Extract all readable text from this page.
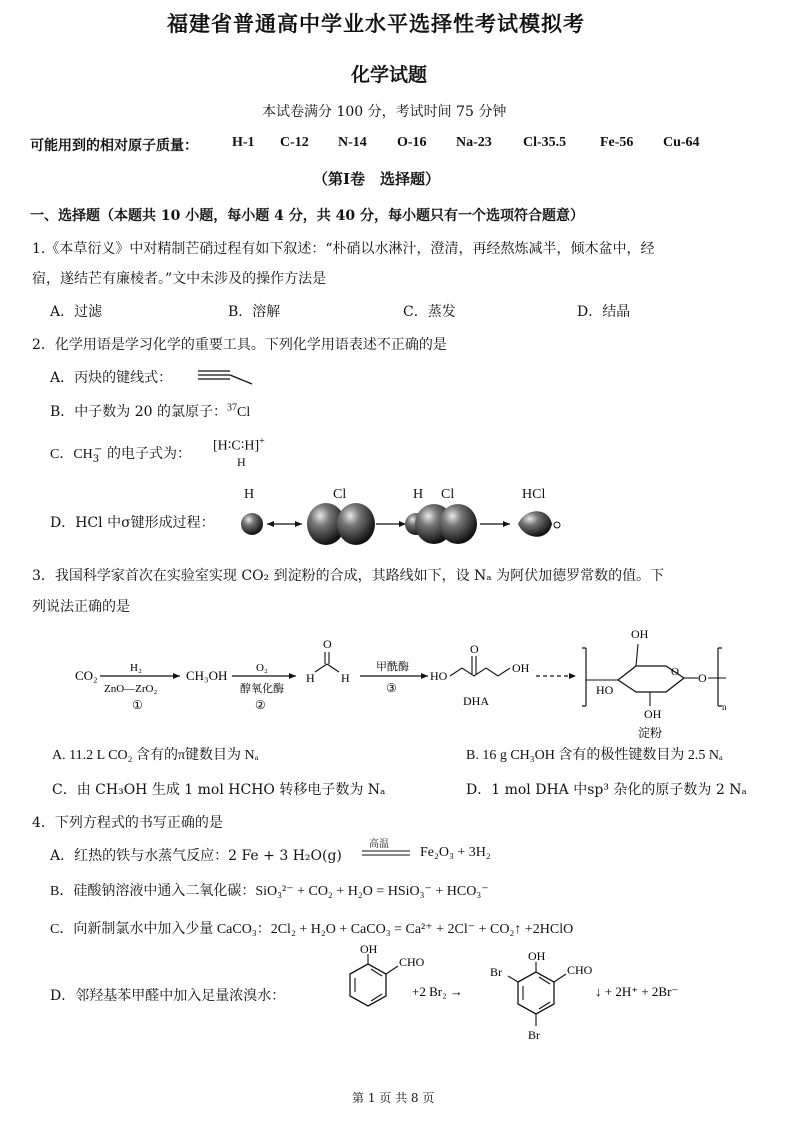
福建省普通高中学业水平选择性考试模拟考
化学试题
本试卷满分 100 分，考试时间 75 分钟
可能用到的相对原子质量： H-1 C-12 N-14 O-16 Na-23 Cl-35.5 Fe-56 Cu-64
（第Ⅰ卷　选择题）
一、选择题（本题共 10 小题，每小题 4 分，共 40 分，每小题只有一个选项符合题意）
1.《本草衍义》中对精制芒硝过程有如下叙述：“朴硝以水淋汁，澄清，再经熬炼减半，倾木盆中，经
宿，遂结芒有廉棱者。”文中未涉及的操作方法是
A．过滤	B．溶解	C．蒸发	D．结晶
2．化学用语是学习化学的重要工具。下列化学用语表述不正确的是
A．丙炔的键线式：
B．中子数为 20 的氯原子：$^{37}$Cl
C．$CH_3^-$ 的电子式为： [H∶C∶H]+
H
D．HCl 中σ键形成过程：
H	Cl	H Cl	HCl
3．我国科学家首次在实验室实现 CO₂ 到淀粉的合成，其路线如下，设 Nₐ 为阿伏加德罗常数的值。下
列说法正确的是
CO₂	H₂
ZnO—ZrO₂
①
CH₃OH	O₂
醇氧化酶
②
O
H H
甲酰酶
③
HO
O
OH
DHA
OH
O
HO
OH
O
n
淀粉
A. 11.2 L CO₂ 含有的π键数目为 Nₐ	B. 16 g CH₃OH 含有的极性键数目为 2.5 Nₐ
C．由 CH₃OH 生成 1 mol HCHO 转移电子数为 Nₐ	D．1 mol DHA 中sp³ 杂化的原子数为 2 Nₐ
4．下列方程式的书写正确的是
A．红热的铁与水蒸气反应：2 Fe + 3 H₂O(g)
高温
Fe₂O₃ + 3H₂
B．硅酸钠溶液中通入二氧化碳：SiO₃²⁻ + CO₂ + H₂O = HSiO₃⁻ + HCO₃⁻
C．向新制氯水中加入少量 CaCO₃：2Cl₂ + H₂O + CaCO₃ = Ca²⁺ + 2Cl⁻ + CO₂↑ +2HClO
D．邻羟基苯甲醛中加入足量浓溴水：
OH
CHO
+2 Br₂ →
OH
Br	CHO
Br
↓ + 2H⁺ + 2Br⁻
第 1 页 共 8 页
